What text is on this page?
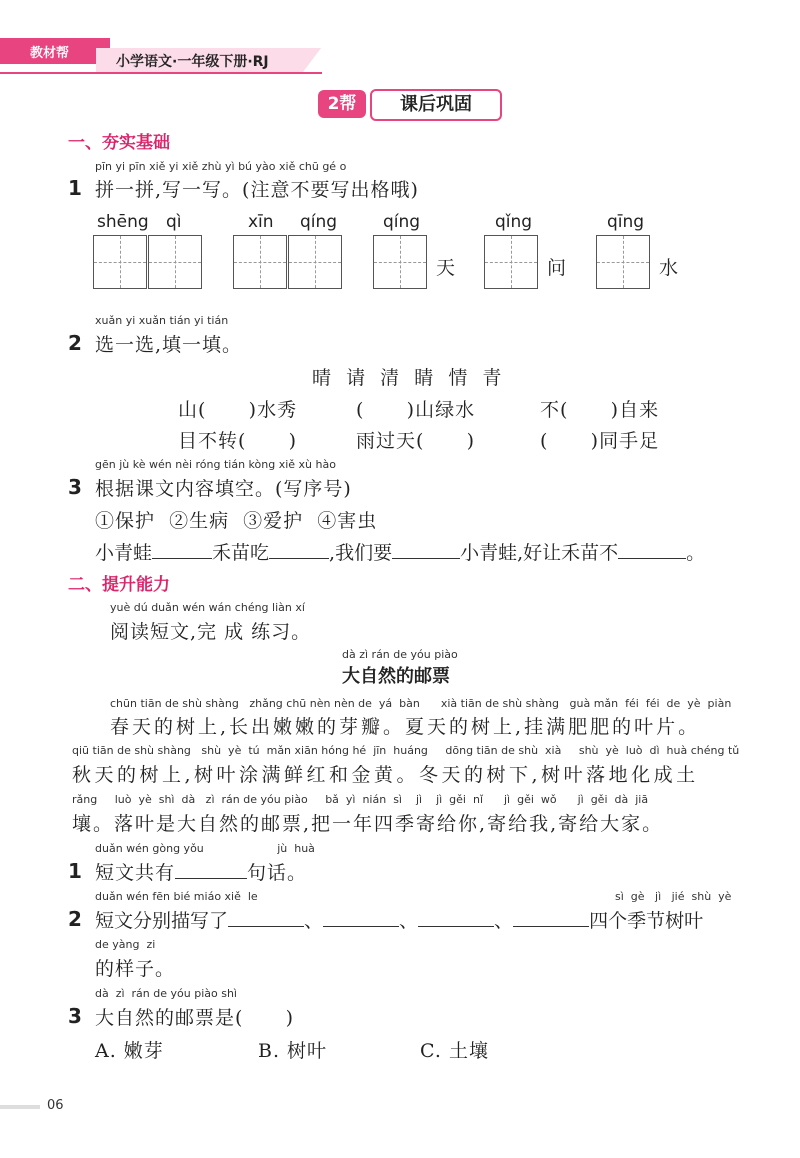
教材帮
小学语文·一年级下册·RJ
2帮	课后巩固
一、夯实基础
pīn yi pīn xiě yi xiě zhù yì bú yào xiě chū gé o
1 拼一拼,写一写。(注意不要写出格哦)
shēng qì	xīn qíng	qíng
天
qǐng
问
qīng
水
xuǎn yi xuǎn tián yi tián
2 选一选,填一填。
晴  请  清  睛  情  青
山(      )水秀	(      )山绿水	不(      )自来
目不转(      )	雨过天(      )	(      )同手足
gēn jù kè wén nèi róng tián kòng xiě xù hào
3 根据课文内容填空。(写序号)
①保护  ②生病  ③爱护  ④害虫
小青蛙	禾苗吃	,我们要	小青蛙,好让禾苗不	。
二、提升能力
yuè dú duǎn wén wán chéng liàn xí
阅读短文,完 成 练习。
dà zì rán de yóu piào
大自然的邮票
chūn tiān de shù shàng   zhǎng chū nèn nèn de  yá  bàn      xià tiān de shù shàng   guà mǎn  féi  féi  de  yè  piàn
春天的树上,长出嫩嫩的芽瓣。夏天的树上,挂满肥肥的叶片。
qiū tiān de shù shàng   shù  yè  tú  mǎn xiān hóng hé  jīn  huáng     dōng tiān de shù  xià     shù  yè  luò  dì  huà chéng tǔ
秋天的树上,树叶涂满鲜红和金黄。冬天的树下,树叶落地化成土
rǎng     luò  yè  shì  dà   zì  rán de yóu piào     bǎ  yì  nián  sì    jì    jì  gěi  nǐ      jì  gěi  wǒ      jì  gěi  dà  jiā
壤。落叶是大自然的邮票,把一年四季寄给你,寄给我,寄给大家。
duǎn wén gòng yǒu                     jù  huà
1 短文共有	句话。
duǎn wén fēn bié miáo xiě  le	sì  gè   jì   jié  shù  yè
2 短文分别描写了	、	、	、	四个季节树叶
de yàng  zi
的样子。
dà  zì  rán de yóu piào shì
3 大自然的邮票是(      )
A. 嫩芽	B. 树叶	C. 土壤
06
